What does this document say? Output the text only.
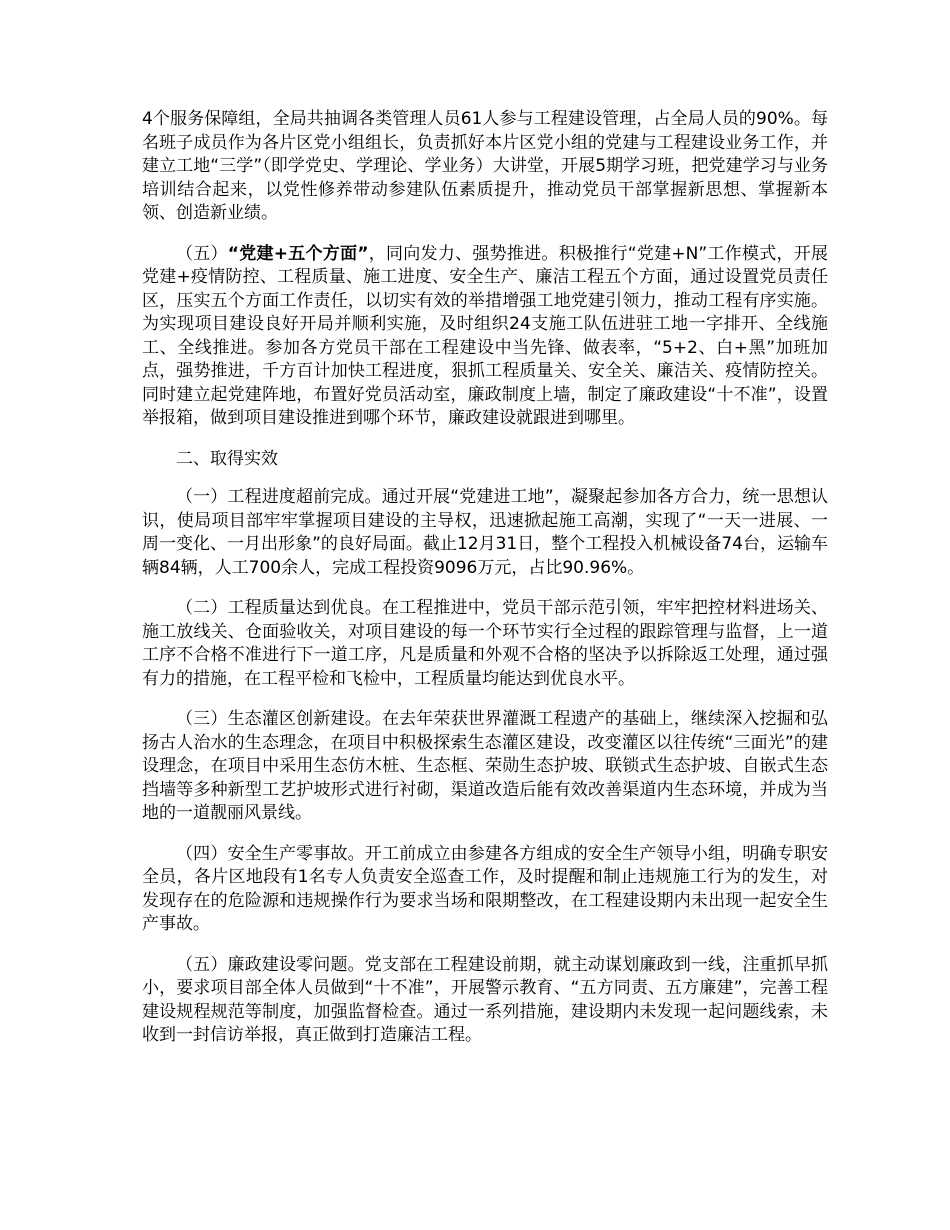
4个服务保障组，全局共抽调各类管理人员61人参与工程建设管理，占全局人员的90%。每名班子成员作为各片区党小组组长，负责抓好本片区党小组的党建与工程建设业务工作，并建立工地“三学”（即学党史、学理论、学业务）大讲堂，开展5期学习班，把党建学习与业务培训结合起来，以党性修养带动参建队伍素质提升，推动党员干部掌握新思想、掌握新本领、创造新业绩。

（五）“党建+五个方面”，同向发力、强势推进。积极推行“党建+N”工作模式，开展党建+疫情防控、工程质量、施工进度、安全生产、廉洁工程五个方面，通过设置党员责任区，压实五个方面工作责任，以切实有效的举措增强工地党建引领力，推动工程有序实施。为实现项目建设良好开局并顺利实施，及时组织24支施工队伍进驻工地一字排开、全线施工、全线推进。参加各方党员干部在工程建设中当先锋、做表率，“5+2、白+黑”加班加点，强势推进，千方百计加快工程进度，狠抓工程质量关、安全关、廉洁关、疫情防控关。同时建立起党建阵地，布置好党员活动室，廉政制度上墙，制定了廉政建设“十不准”，设置举报箱，做到项目建设推进到哪个环节，廉政建设就跟进到哪里。

二、取得实效

（一）工程进度超前完成。通过开展“党建进工地”，凝聚起参加各方合力，统一思想认识，使局项目部牢牢掌握项目建设的主导权，迅速掀起施工高潮，实现了“一天一进展、一周一变化、一月出形象”的良好局面。截止12月31日，整个工程投入机械设备74台，运输车辆84辆，人工700余人，完成工程投资9096万元，占比90.96%。

（二）工程质量达到优良。在工程推进中，党员干部示范引领，牢牢把控材料进场关、施工放线关、仓面验收关，对项目建设的每一个环节实行全过程的跟踪管理与监督，上一道工序不合格不准进行下一道工序，凡是质量和外观不合格的坚决予以拆除返工处理，通过强有力的措施，在工程平检和飞检中，工程质量均能达到优良水平。

（三）生态灌区创新建设。在去年荣获世界灌溉工程遗产的基础上，继续深入挖掘和弘扬古人治水的生态理念，在项目中积极探索生态灌区建设，改变灌区以往传统“三面光”的建设理念，在项目中采用生态仿木桩、生态框、荣勋生态护坡、联锁式生态护坡、自嵌式生态挡墙等多种新型工艺护坡形式进行衬砌，渠道改造后能有效改善渠道内生态环境，并成为当地的一道靓丽风景线。

（四）安全生产零事故。开工前成立由参建各方组成的安全生产领导小组，明确专职安全员，各片区地段有1名专人负责安全巡查工作，及时提醒和制止违规施工行为的发生，对发现存在的危险源和违规操作行为要求当场和限期整改，在工程建设期内未出现一起安全生产事故。

（五）廉政建设零问题。党支部在工程建设前期，就主动谋划廉政到一线，注重抓早抓小，要求项目部全体人员做到“十不准”，开展警示教育、“五方同责、五方廉建”，完善工程建设规程规范等制度，加强监督检查。通过一系列措施，建设期内未发现一起问题线索，未收到一封信访举报，真正做到打造廉洁工程。
